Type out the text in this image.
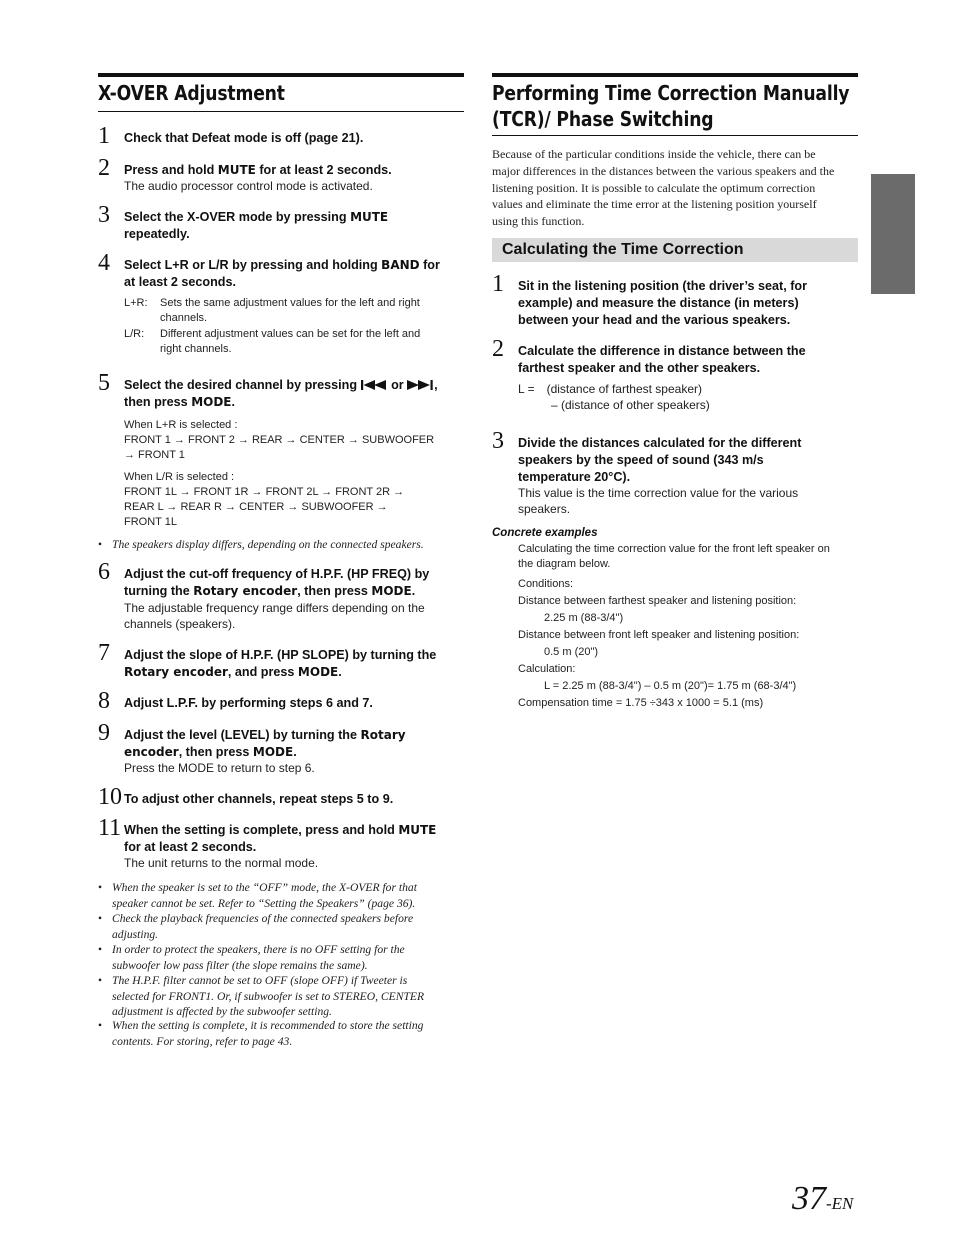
X-OVER Adjustment
1 Check that Defeat mode is off (page 21).
2 Press and hold MUTE for at least 2 seconds.
The audio processor control mode is activated.
3 Select the X-OVER mode by pressing MUTE
repeatedly.
4 Select L+R or L/R by pressing and holding BAND for
at least 2 seconds.
L+R: Sets the same adjustment values for the left and right
channels.
L/R: Different adjustment values can be set for the left and
right channels.
5 Select the desired channel by pressing  or ,
then press MODE.
When L+R is selected :
FRONT 1 → FRONT 2 → REAR → CENTER → SUBWOOFER
→ FRONT 1
When L/R is selected :
FRONT 1L → FRONT 1R → FRONT 2L → FRONT 2R →
REAR L → REAR R → CENTER → SUBWOOFER →
FRONT 1L
• The speakers display differs, depending on the connected speakers.
6 Adjust the cut-off frequency of H.P.F. (HP FREQ) by
turning the Rotary encoder, then press MODE.
The adjustable frequency range differs depending on the
channels (speakers).
7 Adjust the slope of H.P.F. (HP SLOPE) by turning the
Rotary encoder, and press MODE.
8 Adjust L.P.F. by performing steps 6 and 7.
9 Adjust the level (LEVEL) by turning the Rotary
encoder, then press MODE.
Press the MODE to return to step 6.
10 To adjust other channels, repeat steps 5 to 9.
11 When the setting is complete, press and hold MUTE
for at least 2 seconds.
The unit returns to the normal mode.
• When the speaker is set to the “OFF” mode, the X-OVER for that
speaker cannot be set. Refer to “Setting the Speakers” (page 36).
• Check the playback frequencies of the connected speakers before
adjusting.
• In order to protect the speakers, there is no OFF setting for the
subwoofer low pass filter (the slope remains the same).
• The H.P.F. filter cannot be set to OFF (slope OFF) if Tweeter is
selected for FRONT1. Or, if subwoofer is set to STEREO, CENTER
adjustment is affected by the subwoofer setting.
• When the setting is complete, it is recommended to store the setting
contents. For storing, refer to page 43.
Performing Time Correction Manually
(TCR)/ Phase Switching
Because of the particular conditions inside the vehicle, there can be
major differences in the distances between the various speakers and the
listening position. It is possible to calculate the optimum correction
values and eliminate the time error at the listening position yourself
using this function.
Calculating the Time Correction
1 Sit in the listening position (the driver’s seat, for
example) and measure the distance (in meters)
between your head and the various speakers.
2 Calculate the difference in distance between the
farthest speaker and the other speakers.
L = (distance of farthest speaker)
– (distance of other speakers)
3 Divide the distances calculated for the different
speakers by the speed of sound (343 m/s
temperature 20°C).
This value is the time correction value for the various
speakers.
Concrete examples
Calculating the time correction value for the front left speaker on
the diagram below.
Conditions:
Distance between farthest speaker and listening position:
2.25 m (88-3/4")
Distance between front left speaker and listening position:
0.5 m (20")
Calculation:
L = 2.25 m (88-3/4") – 0.5 m (20")= 1.75 m (68-3/4")
Compensation time = 1.75 ÷343 x 1000 = 5.1 (ms)
37-EN
